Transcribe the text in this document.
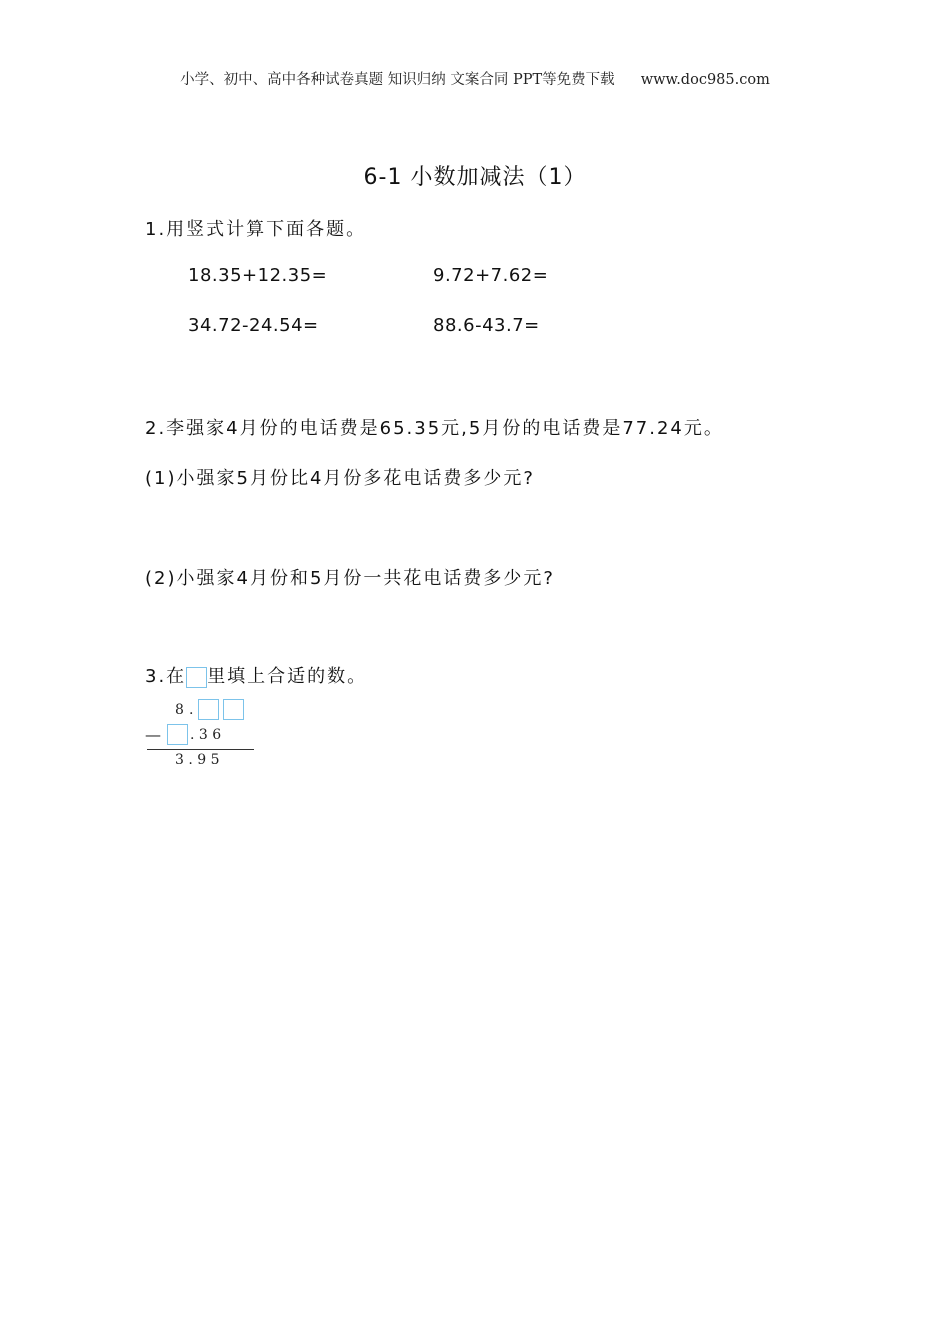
小学、初中、高中各种试卷真题 知识归纳 文案合同 PPT等免费下载 www.doc985.com
6-1 小数加减法（1）
1.用竖式计算下面各题。
18.35+12.35=	9.72+7.62=
34.72-24.54=	88.6-43.7=
2.李强家4月份的电话费是65.35元,5月份的电话费是77.24元。
(1)小强家5月份比4月份多花电话费多少元?
(2)小强家4月份和5月份一共花电话费多少元?
3.在 里填上合适的数。
8 .
— . 3 6
3 . 9 5
